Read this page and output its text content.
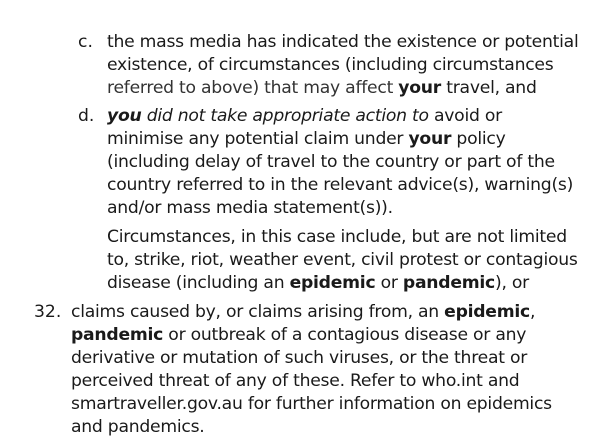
c. the mass media has indicated the existence or potential
existence, of circumstances (including circumstances
referred to above) that may affect your travel, and
d. you did not take appropriate action to avoid or
minimise any potential claim under your policy
(including delay of travel to the country or part of the
country referred to in the relevant advice(s), warning(s)
and/or mass media statement(s)).
Circumstances, in this case include, but are not limited
to, strike, riot, weather event, civil protest or contagious
disease (including an epidemic or pandemic), or
32. claims caused by, or claims arising from, an epidemic,
pandemic or outbreak of a contagious disease or any
derivative or mutation of such viruses, or the threat or
perceived threat of any of these. Refer to who.int and
smartraveller.gov.au for further information on epidemics
and pandemics.
